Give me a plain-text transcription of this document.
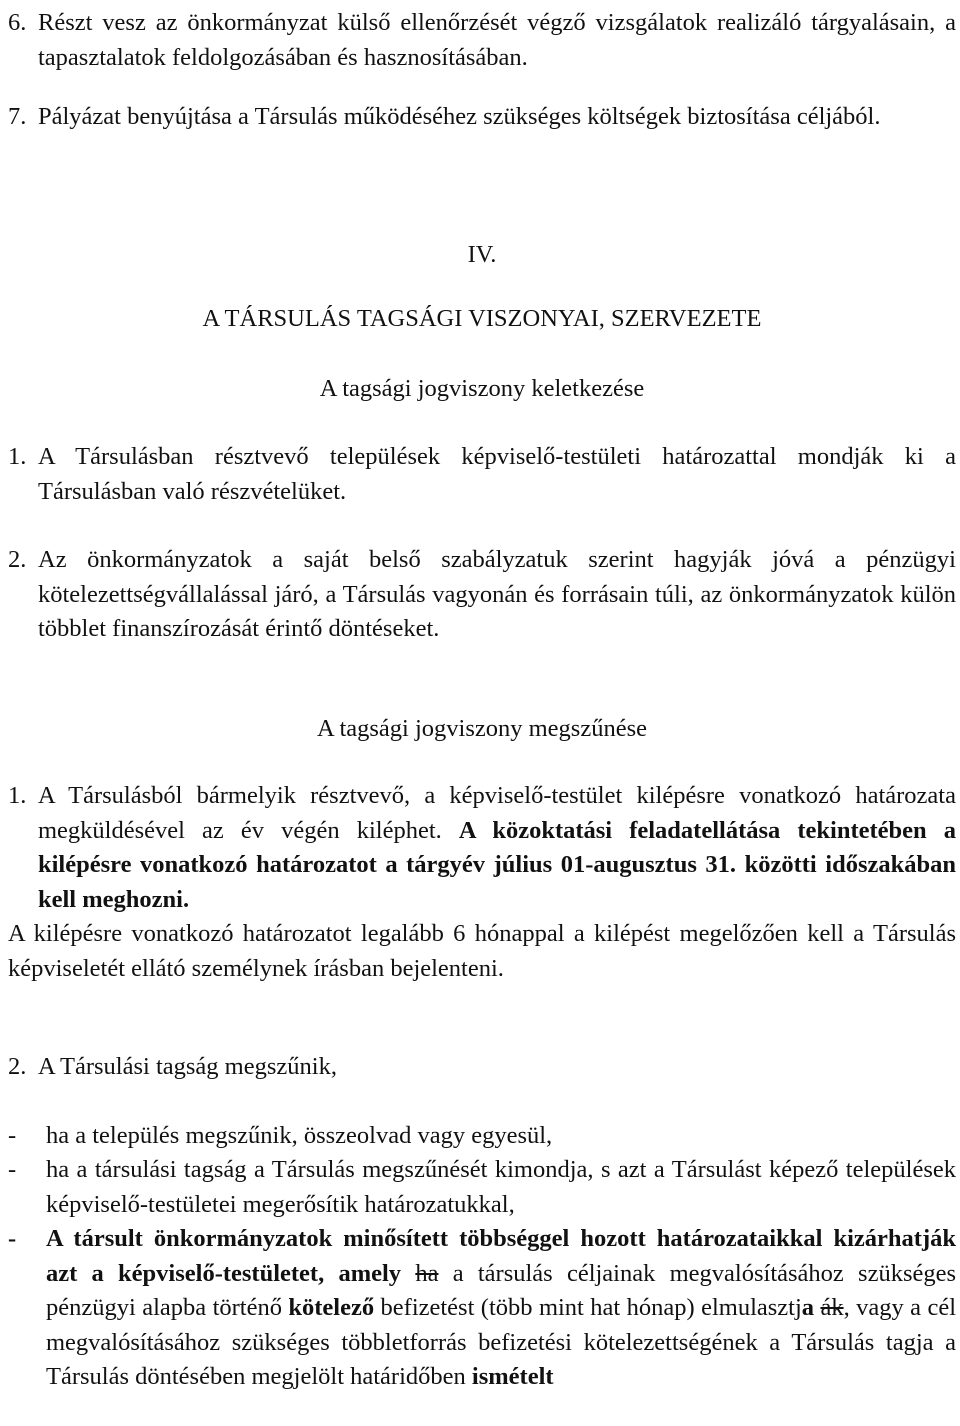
6. Részt vesz az önkormányzat külső ellenőrzését végző vizsgálatok realizáló tárgyalásain, a tapasztalatok feldolgozásában és hasznosításában.

7. Pályázat benyújtása a Társulás működéséhez szükséges költségek biztosítása céljából.

IV.

A TÁRSULÁS TAGSÁGI VISZONYAI, SZERVEZETE

A tagsági jogviszony keletkezése

1. A Társulásban résztvevő települések képviselő-testületi határozattal mondják ki a Társulásban való részvételüket.

2. Az önkormányzatok a saját belső szabályzatuk szerint hagyják jóvá a pénzügyi kötelezettségvállalással járó, a Társulás vagyonán és forrásain túli, az önkormányzatok külön többlet finanszírozását érintő döntéseket.

A tagsági jogviszony megszűnése

1. A Társulásból bármelyik résztvevő, a képviselő-testület kilépésre vonatkozó határozata megküldésével az év végén kiléphet. A közoktatási feladatellátása tekintetében a kilépésre vonatkozó határozatot a tárgyév július 01-augusztus 31. közötti időszakában kell meghozni.

A kilépésre vonatkozó határozatot legalább 6 hónappal a kilépést megelőzően kell a Társulás képviseletét ellátó személynek írásban bejelenteni.

2. A Társulási tagság megszűnik,

- ha a település megszűnik, összeolvad vagy egyesül,

- ha a társulási tagság a Társulás megszűnését kimondja, s azt a Társulást képező települések képviselő-testületei megerősítik határozatukkal,

- A társult önkormányzatok minősített többséggel hozott határozataikkal kizárhatják azt a képviselő-testületet, amely ha a társulás céljainak megvalósításához szükséges pénzügyi alapba történő kötelező befizetést (több mint hat hónap) elmulasztja ák, vagy a cél megvalósításához szükséges többletforrás befizetési kötelezettségének a Társulás tagja a Társulás döntésében megjelölt határidőben ismételt
